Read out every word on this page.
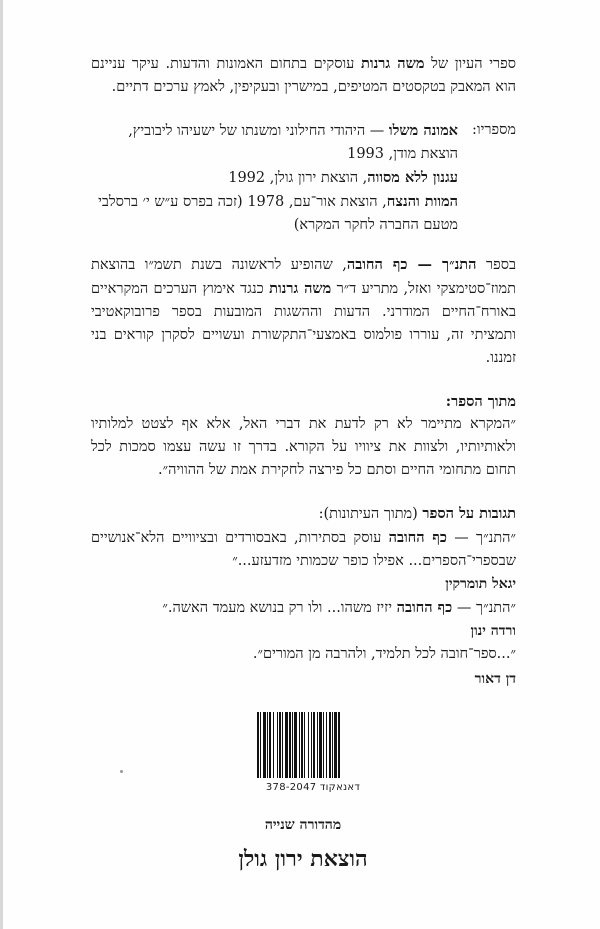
ספרי העיון של משה גרנות עוסקים בתחום האמונות והדעות. עיקר עניינם הוא המאבק בטקסטים המטיפים, במישרין ובעקיפין, לאמץ ערכים דתיים.

מספריו:
אמונה משלו — היהודי החילוני ומשנתו של ישעיהו ליבוביץ, הוצאת מודן, 1993
עגנון ללא מסווה, הוצאת ירון גולן, 1992
המוות והנצח, הוצאת אור־עם, 1978 (זכה בפרס ע״ש י׳ ברסלבי מטעם החברה לחקר המקרא)

בספר התנ״ך — כף החובה, שהופיע לראשונה בשנת תשמ״ו בהוצאת תמוז־סטימצקי ואזל, מתריע ד״ר משה גרנות כנגד אימוץ הערכים המקראיים באורח־החיים המודרני. הדעות וההשגות המובעות בספר פרובוקאטיבי ותמציתי זה, עוררו פולמוס באמצעי־התקשורת ועשויים לסקרן קוראים בני זמננו.

מתוך הספר:

״המקרא מתיימר לא רק לדעת את דברי האל, אלא אף לצטט למלותיו ולאותיותיו, ולצוות את ציוויו על הקורא. בדרך זו עשה עצמו סמכות לכל תחום מתחומי החיים וסתם כל פירצה לחקירת אמת של ההוויה״.

תגובות על הספר (מתוך העיתונות):

״התנ״ך — כף החובה עוסק בסתירות, באבסורדים ובציוויים הלא־אנושיים שבספרי־הספרים... אפילו כופר שכמותי מזדעזע...״

יגאל תומרקין

״התנ״ך — כף החובה יזיז משהו... ולו רק בנושא מעמד האשה.״

ורדה ינון

״...ספר־חובה לכל תלמיד, ולהרבה מן המורים״.

דן דאור
דאנאקוד 378-2047
מהדורה שנייה
הוצאת ירון גולן
